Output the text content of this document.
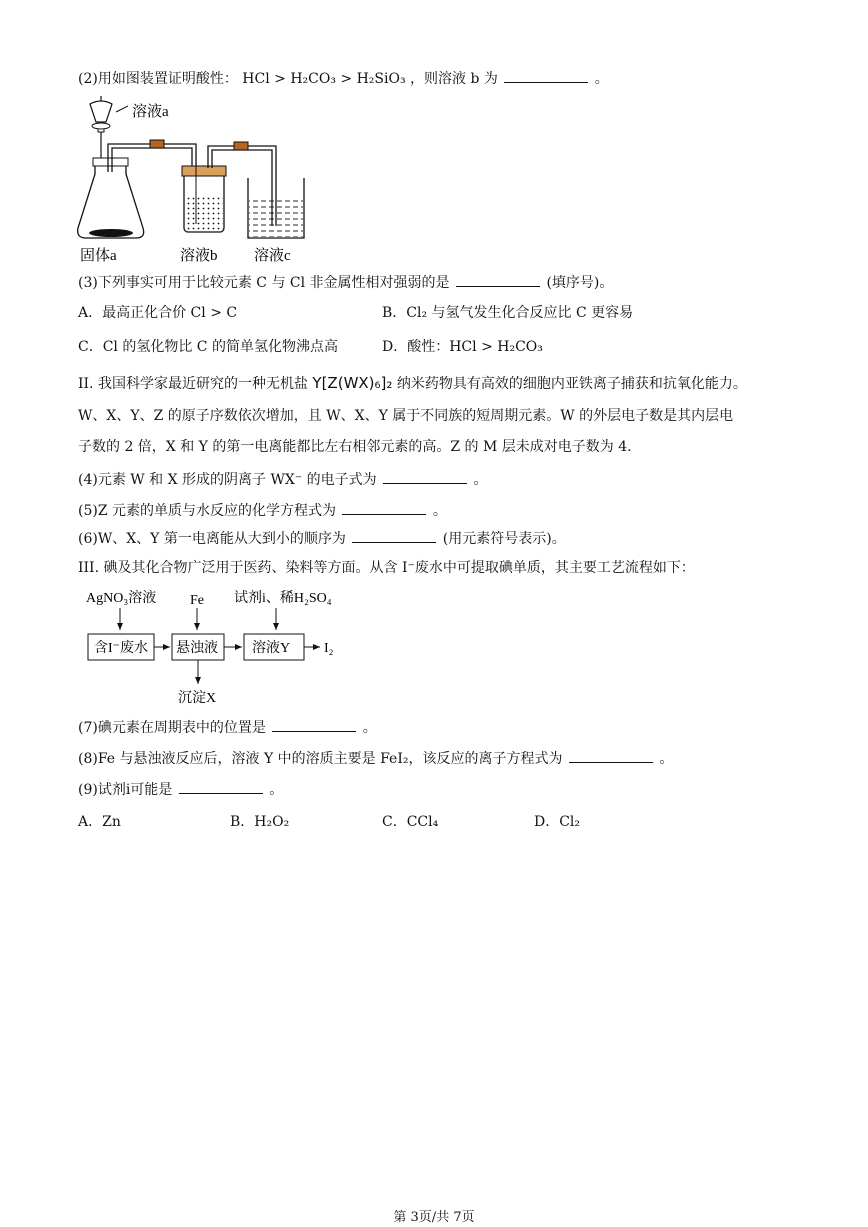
(2)用如图装置证明酸性： HCl > H₂CO₃ > H₂SiO₃ ，则溶液 b 为	。
溶液a
固体a	溶液b 溶液c
(3)下列事实可用于比较元素 C 与 Cl 非金属性相对强弱的是	(填序号)。
A．最高正化合价 Cl > C	B．Cl₂ 与氢气发生化合反应比 C 更容易
C．Cl 的氢化物比 C 的简单氢化物沸点高	D．酸性：HCl > H₂CO₃
II. 我国科学家最近研究的一种无机盐 Y[Z(WX)₆]₂ 纳米药物具有高效的细胞内亚铁离子捕获和抗氧化能力。
W、X、Y、Z 的原子序数依次增加，且 W、X、Y 属于不同族的短周期元素。W 的外层电子数是其内层电
子数的 2 倍，X 和 Y 的第一电离能都比左右相邻元素的高。Z 的 M 层未成对电子数为 4.
(4)元素 W 和 X 形成的阴离子 WX⁻ 的电子式为	。
(5)Z 元素的单质与水反应的化学方程式为	。
(6)W、X、Y 第一电离能从大到小的顺序为	(用元素符号表示)。
III. 碘及其化合物广泛用于医药、染料等方面。从含 I⁻废水中可提取碘单质，其主要工艺流程如下：
AgNO₃溶液 Fe 试剂i、稀H₂SO₄
含I⁻废水 悬浊液 溶液Y I₂
沉淀X
(7)碘元素在周期表中的位置是	。
(8)Fe 与悬浊液反应后，溶液 Y 中的溶质主要是 FeI₂，该反应的离子方程式为	。
(9)试剂i可能是	。
A．Zn	B．H₂O₂	C．CCl₄	D．Cl₂
第 3页/共 7页
